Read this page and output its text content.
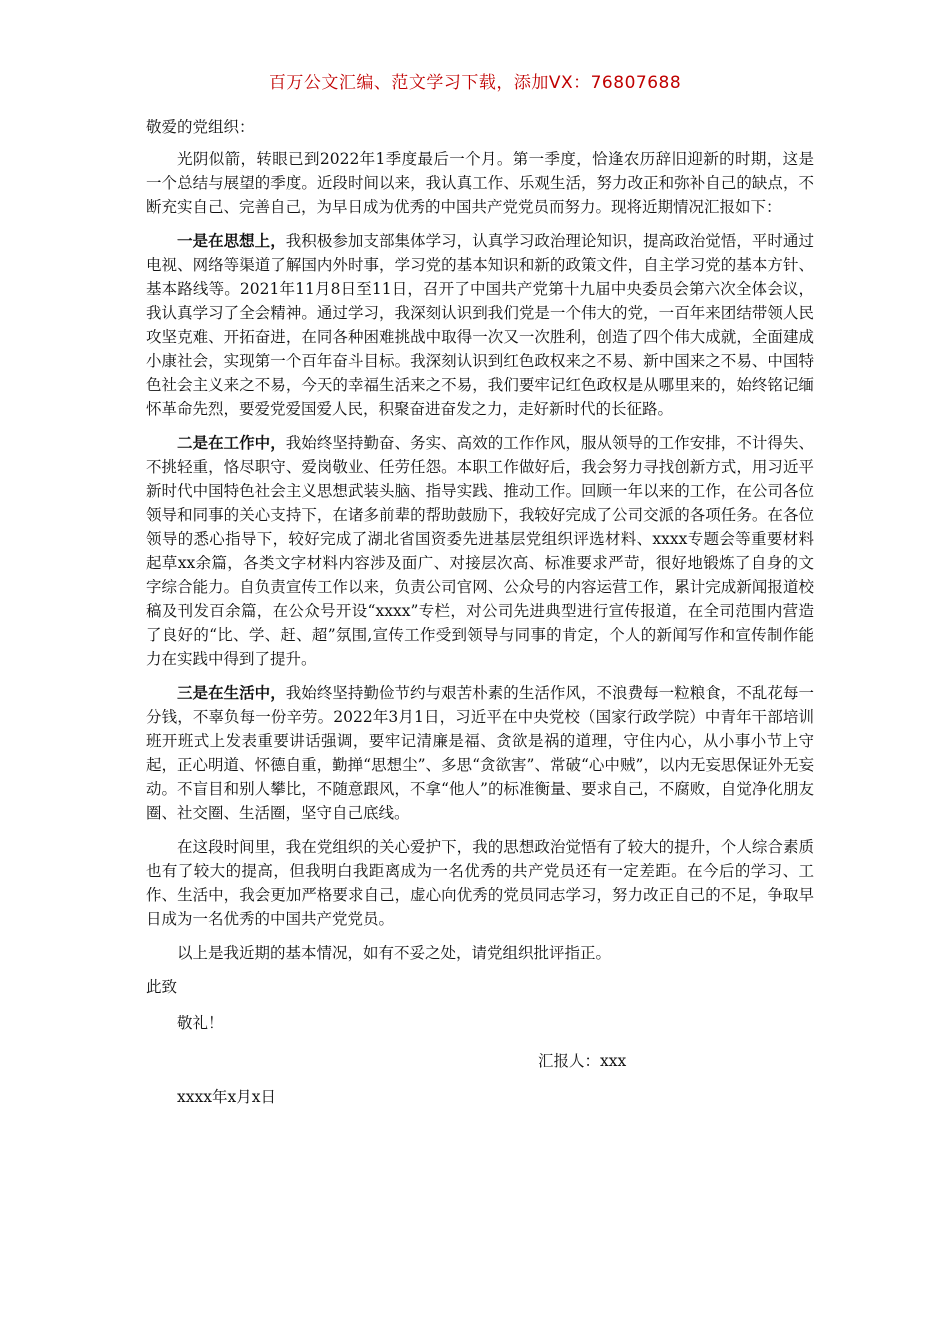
百万公文汇编、范文学习下载，添加VX：76807688
敬爱的党组织：

光阴似箭，转眼已到2022年1季度最后一个月。第一季度，恰逢农历辞旧迎新的时期，这是一个总结与展望的季度。近段时间以来，我认真工作、乐观生活，努力改正和弥补自己的缺点，不断充实自己、完善自己，为早日成为优秀的中国共产党党员而努力。现将近期情况汇报如下：

一是在思想上，我积极参加支部集体学习，认真学习政治理论知识，提高政治觉悟，平时通过电视、网络等渠道了解国内外时事，学习党的基本知识和新的政策文件，自主学习党的基本方针、基本路线等。2021年11月8日至11日，召开了中国共产党第十九届中央委员会第六次全体会议，我认真学习了全会精神。通过学习，我深刻认识到我们党是一个伟大的党，一百年来团结带领人民攻坚克难、开拓奋进，在同各种困难挑战中取得一次又一次胜利，创造了四个伟大成就，全面建成小康社会，实现第一个百年奋斗目标。我深刻认识到红色政权来之不易、新中国来之不易、中国特色社会主义来之不易，今天的幸福生活来之不易，我们要牢记红色政权是从哪里来的，始终铭记缅怀革命先烈，要爱党爱国爱人民，积聚奋进奋发之力，走好新时代的长征路。

二是在工作中，我始终坚持勤奋、务实、高效的工作作风，服从领导的工作安排，不计得失、不挑轻重，恪尽职守、爱岗敬业、任劳任怨。本职工作做好后，我会努力寻找创新方式，用习近平新时代中国特色社会主义思想武装头脑、指导实践、推动工作。回顾一年以来的工作，在公司各位领导和同事的关心支持下，在诸多前辈的帮助鼓励下，我较好完成了公司交派的各项任务。在各位领导的悉心指导下，较好完成了湖北省国资委先进基层党组织评选材料、xxxx专题会等重要材料起草xx余篇，各类文字材料内容涉及面广、对接层次高、标准要求严苛，很好地锻炼了自身的文字综合能力。自负责宣传工作以来，负责公司官网、公众号的内容运营工作，累计完成新闻报道校稿及刊发百余篇，在公众号开设“xxxx”专栏，对公司先进典型进行宣传报道，在全司范围内营造了良好的“比、学、赶、超”氛围,宣传工作受到领导与同事的肯定，个人的新闻写作和宣传制作能力在实践中得到了提升。

三是在生活中，我始终坚持勤俭节约与艰苦朴素的生活作风，不浪费每一粒粮食，不乱花每一分钱，不辜负每一份辛劳。2022年3月1日，习近平在中央党校（国家行政学院）中青年干部培训班开班式上发表重要讲话强调，要牢记清廉是福、贪欲是祸的道理，守住内心，从小事小节上守起，正心明道、怀德自重，勤掸“思想尘”、多思“贪欲害”、常破“心中贼”，以内无妄思保证外无妄动。不盲目和别人攀比，不随意跟风，不拿“他人”的标准衡量、要求自己，不腐败，自觉净化朋友圈、社交圈、生活圈，坚守自己底线。

在这段时间里，我在党组织的关心爱护下，我的思想政治觉悟有了较大的提升，个人综合素质也有了较大的提高，但我明白我距离成为一名优秀的共产党员还有一定差距。在今后的学习、工作、生活中，我会更加严格要求自己，虚心向优秀的党员同志学习，努力改正自己的不足，争取早日成为一名优秀的中国共产党党员。

以上是我近期的基本情况，如有不妥之处，请党组织批评指正。

此致
敬礼！
汇报人：xxx
xxxx年x月x日
